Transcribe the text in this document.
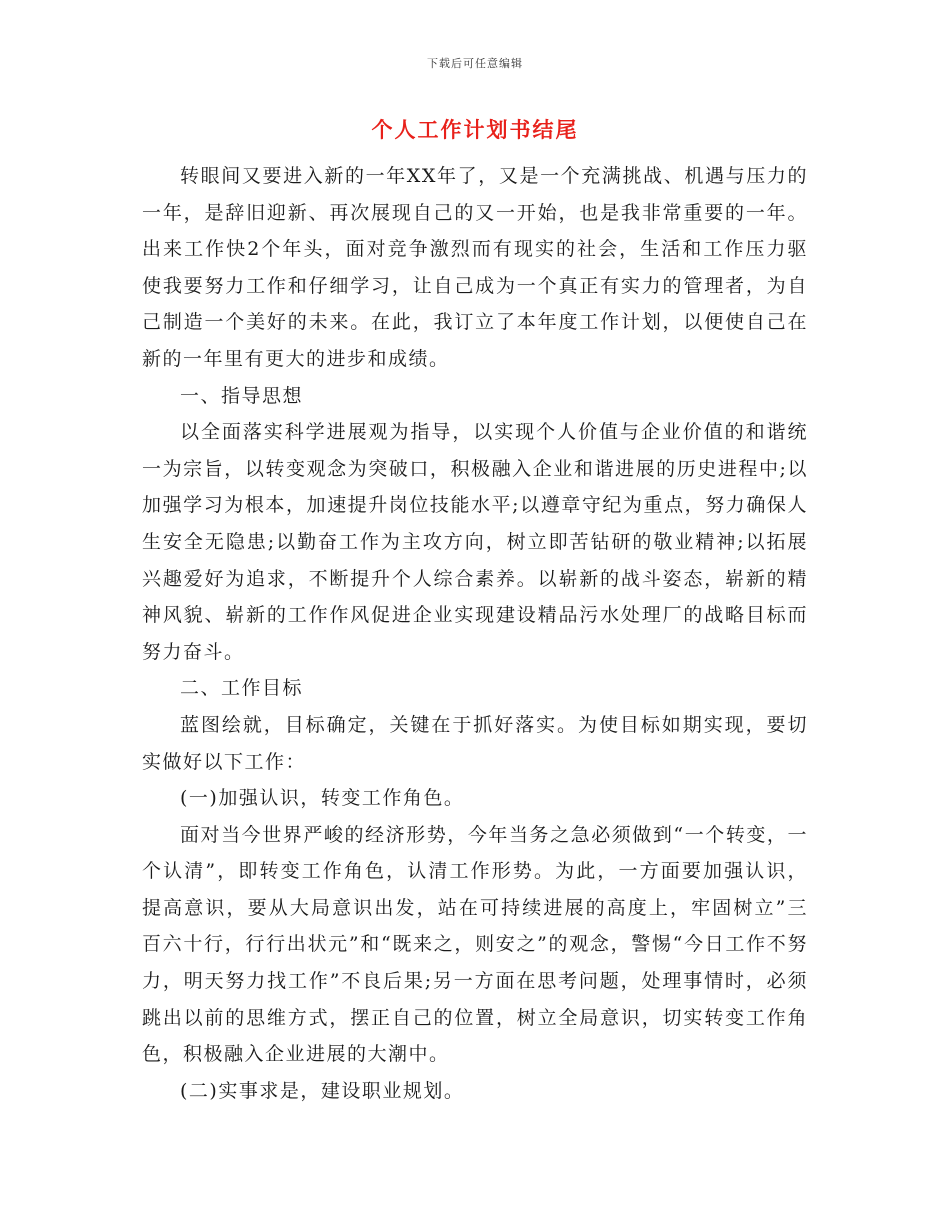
下载后可任意编辑
个人工作计划书结尾

转眼间又要进入新的一年XX年了，又是一个充满挑战、机遇与压力的一年，是辞旧迎新、再次展现自己的又一开始，也是我非常重要的一年。出来工作快2个年头，面对竞争激烈而有现实的社会，生活和工作压力驱使我要努力工作和仔细学习，让自己成为一个真正有实力的管理者，为自己制造一个美好的未来。在此，我订立了本年度工作计划，以便使自己在新的一年里有更大的进步和成绩。

一、指导思想

以全面落实科学进展观为指导，以实现个人价值与企业价值的和谐统一为宗旨，以转变观念为突破口，积极融入企业和谐进展的历史进程中;以加强学习为根本，加速提升岗位技能水平;以遵章守纪为重点，努力确保人生安全无隐患;以勤奋工作为主攻方向，树立即苦钻研的敬业精神;以拓展兴趣爱好为追求，不断提升个人综合素养。以崭新的战斗姿态，崭新的精神风貌、崭新的工作作风促进企业实现建设精品污水处理厂的战略目标而努力奋斗。

二、工作目标

蓝图绘就，目标确定，关键在于抓好落实。为使目标如期实现，要切实做好以下工作：

(一)加强认识，转变工作角色。

面对当今世界严峻的经济形势，今年当务之急必须做到“一个转变，一个认清”，即转变工作角色，认清工作形势。为此，一方面要加强认识，提高意识，要从大局意识出发，站在可持续进展的高度上，牢固树立”三百六十行，行行出状元”和“既来之，则安之”的观念，警惕“今日工作不努力，明天努力找工作”不良后果;另一方面在思考问题，处理事情时，必须跳出以前的思维方式，摆正自己的位置，树立全局意识，切实转变工作角色，积极融入企业进展的大潮中。

(二)实事求是，建设职业规划。
